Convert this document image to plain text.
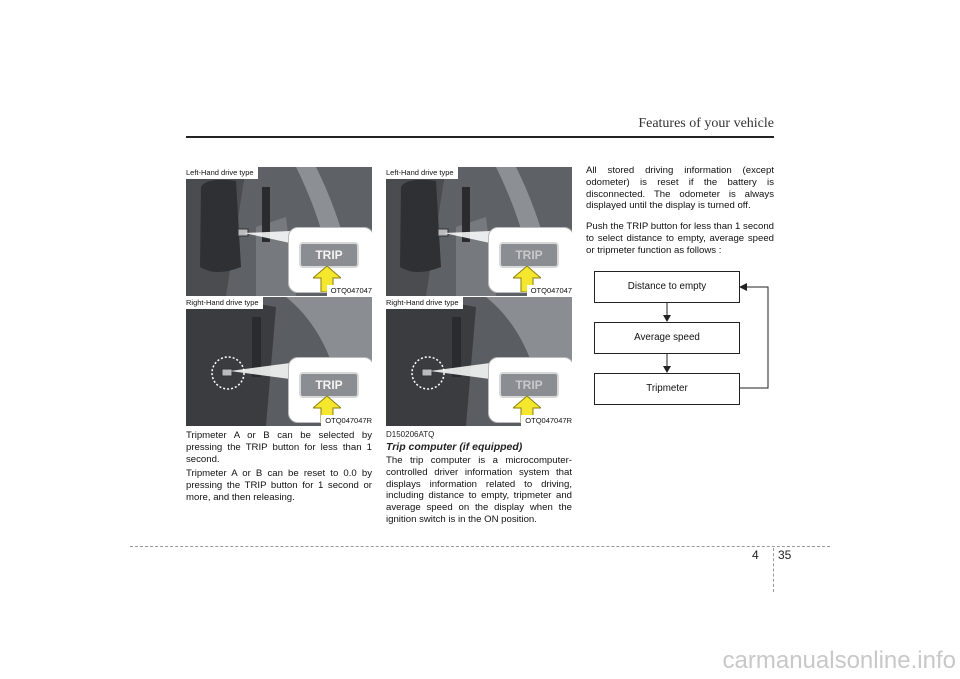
Features of your vehicle
TRIP
Left-Hand drive type
OTQ047047
TRIP
Right-Hand drive type
OTQ047047R
TRIP
Left-Hand drive type
OTQ047047
TRIP
Right-Hand drive type
OTQ047047R
Tripmeter A or B can be selected by pressing the TRIP button for less than 1 second.
Tripmeter A or B can be reset to 0.0 by pressing the TRIP button for 1 second or more, and then releasing.
D150206ATQ
Trip computer (if equipped)
The trip computer is a microcomputer-controlled driver information system that displays information related to driving, including distance to empty, tripmeter and average speed on the display when the ignition switch is in the ON position.
All stored driving information (except odometer) is reset if the battery is disconnected. The odometer is always displayed until the display is turned off.
Push the TRIP button for less than 1 second to select distance to empty, average speed or tripmeter function as follows :
Distance to empty
Average speed
Tripmeter
4 35
carmanualsonline.info
